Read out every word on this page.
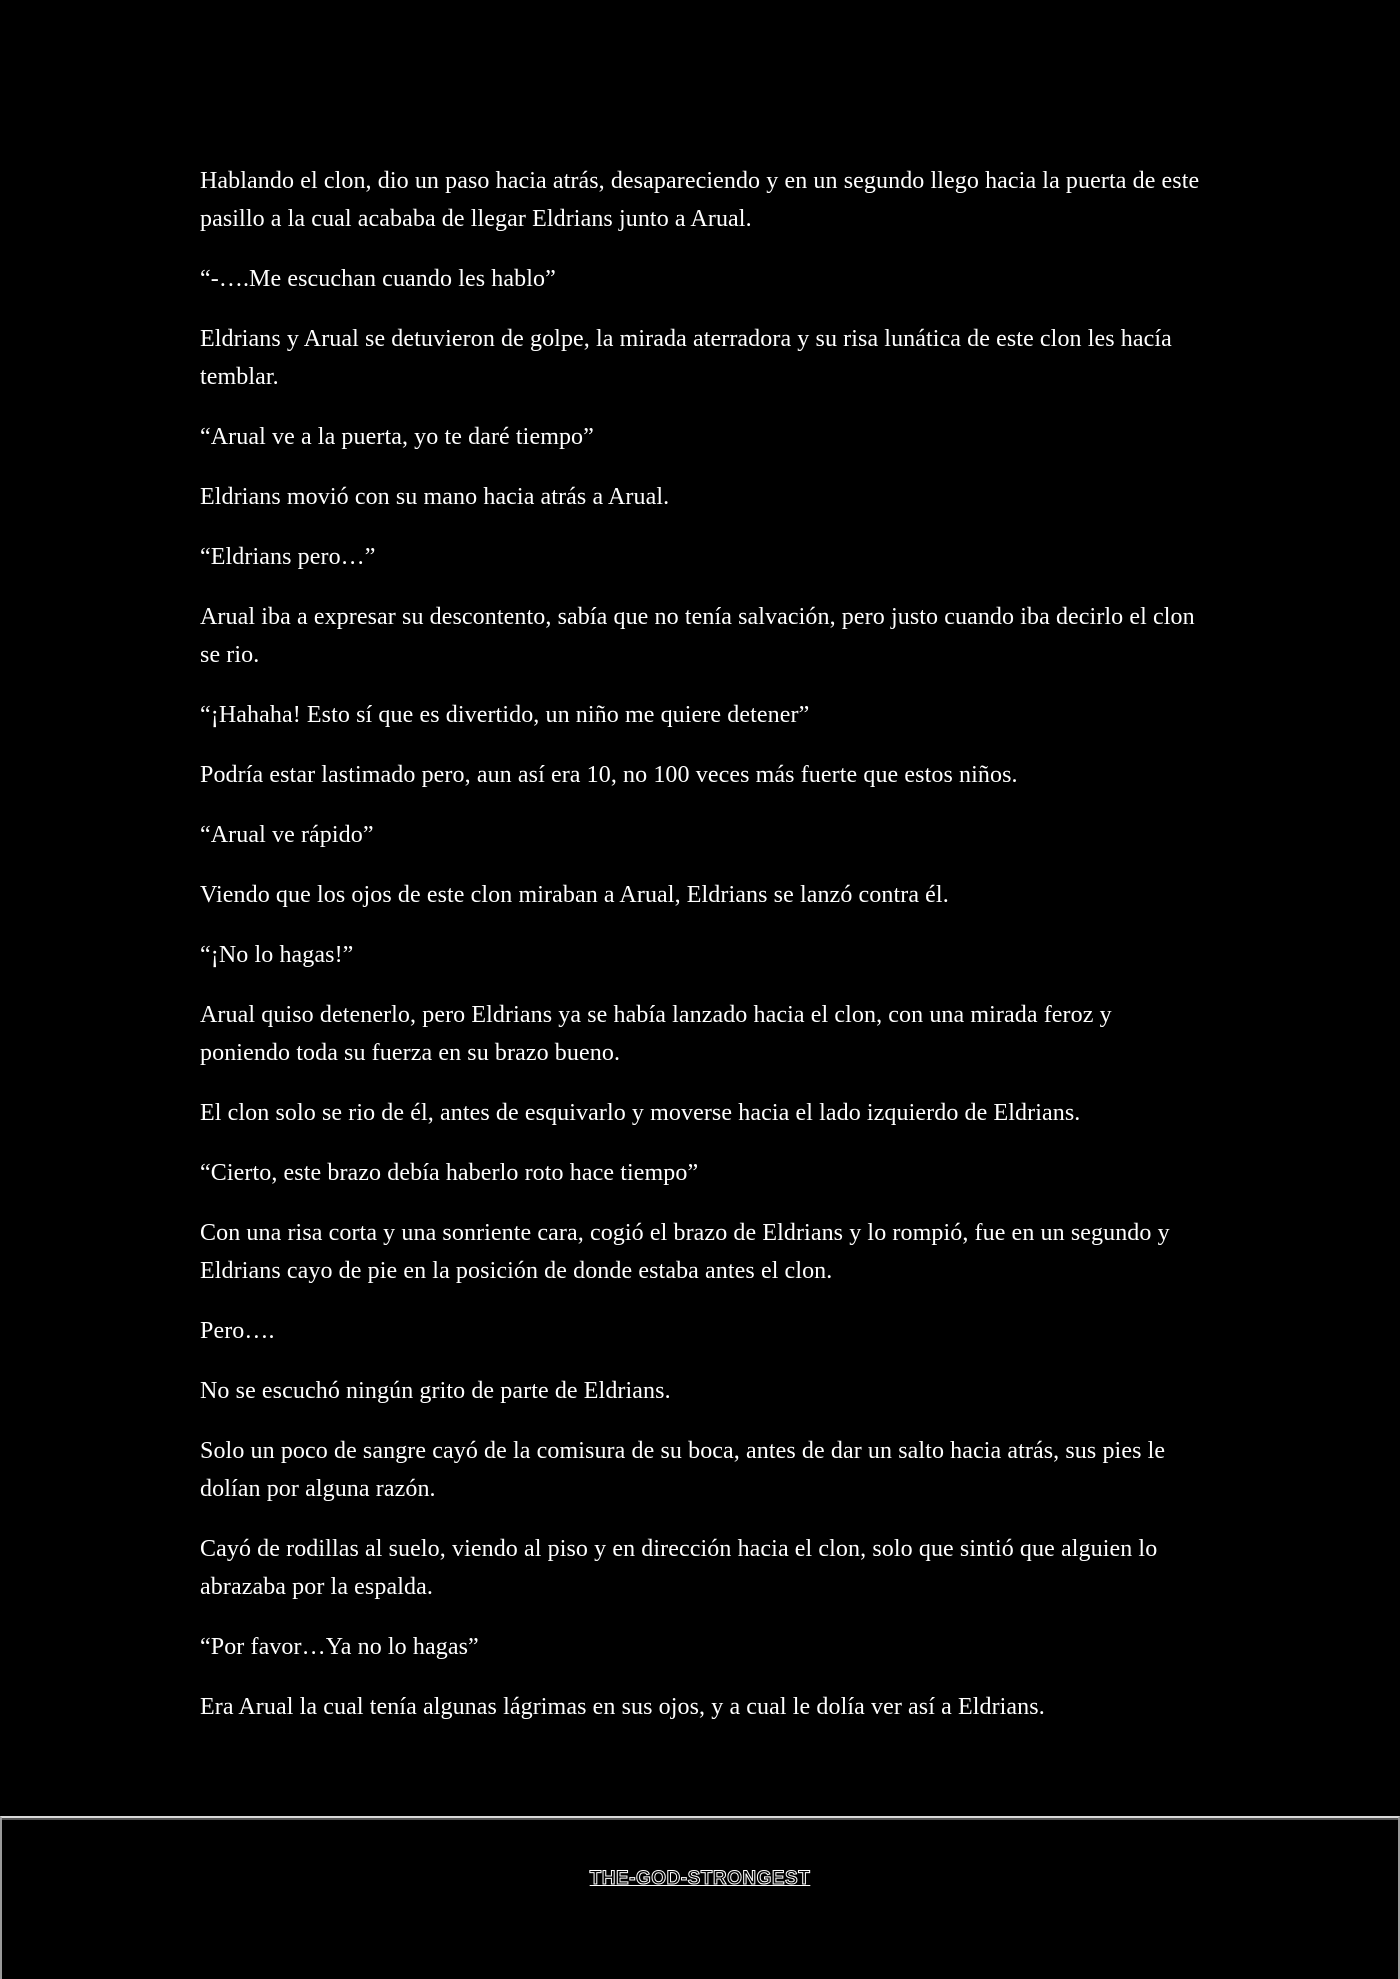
Hablando el clon, dio un paso hacia atrás, desapareciendo y en un segundo llego hacia la puerta de este pasillo a la cual acababa de llegar Eldrians junto a Arual.

“-….Me escuchan cuando les hablo”

Eldrians y Arual se detuvieron de golpe, la mirada aterradora y su risa lunática de este clon les hacía temblar.

“Arual ve a la puerta, yo te daré tiempo”

Eldrians movió con su mano hacia atrás a Arual.

“Eldrians pero…”

Arual iba a expresar su descontento, sabía que no tenía salvación, pero justo cuando iba decirlo el clon se rio.

“¡Hahaha! Esto sí que es divertido, un niño me quiere detener”

Podría estar lastimado pero, aun así era 10, no 100 veces más fuerte que estos niños.

“Arual ve rápido”

Viendo que los ojos de este clon miraban a Arual, Eldrians se lanzó contra él.

“¡No lo hagas!”

Arual quiso detenerlo, pero Eldrians ya se había lanzado hacia el clon, con una mirada feroz y poniendo toda su fuerza en su brazo bueno.

El clon solo se rio de él, antes de esquivarlo y moverse hacia el lado izquierdo de Eldrians.

“Cierto, este brazo debía haberlo roto hace tiempo”

Con una risa corta y una sonriente cara, cogió el brazo de Eldrians y lo rompió, fue en un segundo y Eldrians cayo de pie en la posición de donde estaba antes el clon.

Pero….

No se escuchó ningún grito de parte de Eldrians.

Solo un poco de sangre cayó de la comisura de su boca, antes de dar un salto hacia atrás, sus pies le dolían por alguna razón.

Cayó de rodillas al suelo, viendo al piso y en dirección hacia el clon, solo que sintió que alguien lo abrazaba por la espalda.

“Por favor…Ya no lo hagas”

Era Arual la cual tenía algunas lágrimas en sus ojos, y a cual le dolía ver así a Eldrians.

THE-GOD-STRONGEST
